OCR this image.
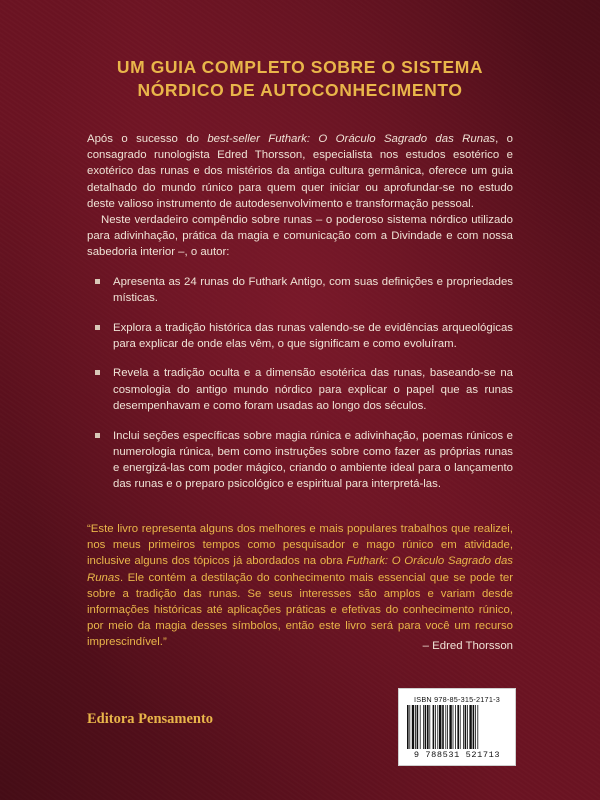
UM GUIA COMPLETO SOBRE O SISTEMA
NÓRDICO DE AUTOCONHECIMENTO

Após o sucesso do best-seller Futhark: O Oráculo Sagrado das Runas, o consagrado runologista Edred Thorsson, especialista nos estudos esotérico e exotérico das runas e dos mistérios da antiga cultura germânica, oferece um guia detalhado do mundo rúnico para quem quer iniciar ou aprofundar-se no estudo deste valioso instrumento de autodesenvolvimento e transformação pessoal.

Neste verdadeiro compêndio sobre runas – o poderoso sistema nórdico utilizado para adivinhação, prática da magia e comunicação com a Divindade e com nossa sabedoria interior –, o autor:

Apresenta as 24 runas do Futhark Antigo, com suas definições e propriedades místicas.
Explora a tradição histórica das runas valendo-se de evidências arqueológicas para explicar de onde elas vêm, o que significam e como evoluíram.
Revela a tradição oculta e a dimensão esotérica das runas, baseando-se na cosmologia do antigo mundo nórdico para explicar o papel que as runas desempenhavam e como foram usadas ao longo dos séculos.
Inclui seções específicas sobre magia rúnica e adivinhação, poemas rúnicos e numerologia rúnica, bem como instruções sobre como fazer as próprias runas e energizá-las com poder mágico, criando o ambiente ideal para o lançamento das runas e o preparo psicológico e espiritual para interpretá-las.
“Este livro representa alguns dos melhores e mais populares trabalhos que realizei, nos meus primeiros tempos como pesquisador e mago rúnico em atividade, inclusive alguns dos tópicos já abordados na obra Futhark: O Oráculo Sagrado das Runas. Ele contém a destilação do conhecimento mais essencial que se pode ter sobre a tradição das runas. Se seus interesses são amplos e variam desde informações históricas até aplicações práticas e efetivas do conhecimento rúnico, por meio da magia desses símbolos, então este livro será para você um recurso imprescindível.”	– Edred Thorsson
Editora Pensamento
ISBN 978-85-315-2171-3
9 788531 521713
